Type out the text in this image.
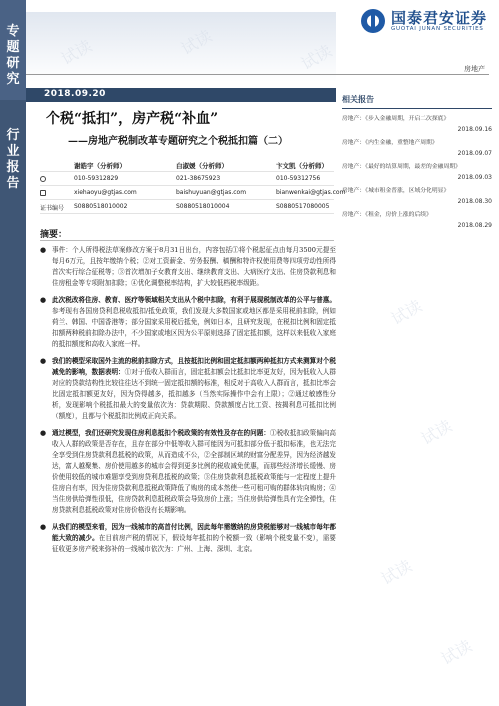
专
题
研
究
行
业
报
告
国泰君安证券
GUOTAI JUNAN SECURITIES
房地产
2018.09.20
个税“抵扣”，房产税“补血”
——房地产税制改革专题研究之个税抵扣篇（二）
谢皓宇（分析师）	白淑媛（分析师）	卞文凯（分析师）
010-59312829	021-38675923	010-59312756
xiehaoyu@gtjas.com	baishuyuan@gtjas.com	bianwenkai@gtjas.com
证书编号	S0880518010002	S0880518010004	S0880517080005
摘要：
● 事件：个人所得税法草案修改方案于8月31日出台，内容包括①将个税起征点由每月3500元提至每月6万元，且按年缴纳个税；②对工资薪金、劳务报酬、稿酬和特许权使用费等四项劳动性所得首次实行综合征税等；③首次增加子女教育支出、继续教育支出、大病医疗支出、住房贷款利息和住房租金等专项附加扣除；④优化调整税率结构，扩大较低档税率级距。
● 此次税改将住房、教育、医疗等领域相关支出从个税中扣除，有利于展现税制改革的公平与普惠。参考现有各国房贷利息税收抵扣/抵免政策，我们发现大多数国家或地区都是采用税前扣除，例如荷兰、韩国、中国香港等；部分国家采用税后抵免，例如日本，且研究发现，在税扣比例和固定抵扣额两种税前扣除办法中，不少国家或地区因为公平原则选择了固定抵扣额，这样以来低收入家庭的抵扣额度和高收入家庭一样。
● 我们的模型采取国外主流的税前扣除方式，且按抵扣比例和固定抵扣额两种抵扣方式来测算对个税减免的影响，数据表明：①对于低收入群而言，固定抵扣额会比抵扣比率更友好，因为低收入人群对应的贷款结构性比较往往达不到统一固定抵扣额的标准，相反对于高收入人群而言，抵扣比率会比固定抵扣额更友好，因为贷得越多，抵扣越多（当然实际操作中会有上限）；②通过敏感性分析，发现影响个税抵扣最大的变量依次为：贷款期限、贷款额度占比工资、按揭利息可抵扣比例（额度），且都与个税抵扣比例成正向关系。
● 通过模型，我们还研究发现住房利息抵扣个税政策的有效性及存在的问题：①税收抵扣政策偏向高收入人群的政策是否存在，且存在部分中低等收入群可能因为可抵扣部分低于抵扣标准，也无法完全享受到住房贷款利息抵税的政策，从而造成不公，②全部制区域的财富分配差异，因为经济越发达，富人越聚集、房价使用越多的城市会得到更多比例的税收减免优惠，而那些经济增长缓慢、房价使用较低的城市难题享受到房贷利息抵税的政策；③住房贷款利息抵税政策能与一定程度上提升住房自有率，因为住房贷款利息抵税政策降低了购房的成本然使一些可租可购的群体转向购房；④当住房供给弹性很低，住房贷款利息抵税政策会导致房价上涨；当住房供给弹性具有完全弹性，住房贷款利息抵税政策对住房价格没有长期影响。
● 从我们的模型来看，因为一线城市的高首付比例，因此每年需缴纳的房贷税能够对一线城市每年都能大致的减少。在目前房产税的情况下，假设每年抵扣的个税额一致（影响个税变量不变），需要征收更多房产税来弥补的一线城市依次为：广州、上海、深圳、北京。
相关报告
房地产：《步入金融周期，开启二次探底》
2018.09.16
房地产：《内生金融，重整地产周期》
2018.09.07
房地产：《最好的结算周期，最差的金融周期》
2018.09.03
房地产：《城市租金普涨，区域分化明显》
2018.08.30
房地产：《租金，房价上涨的后续》
2018.08.29
试读	试读	试读
试读
试读
试读
试读
